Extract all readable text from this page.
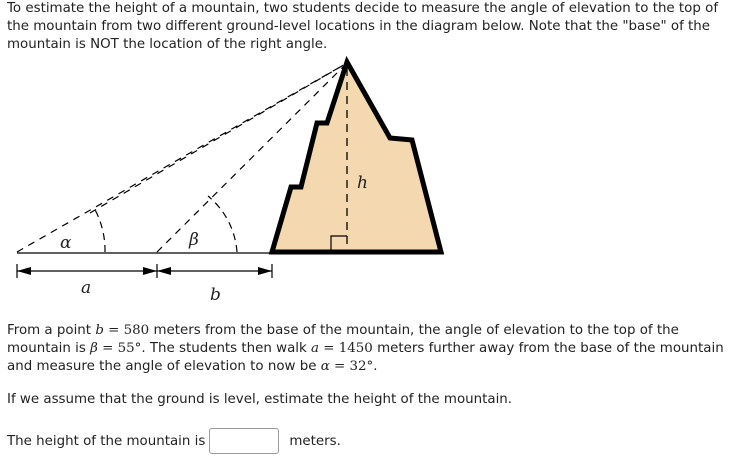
To estimate the height of a mountain, two students decide to measure the angle of elevation to the top of the mountain from two different ground-level locations in the diagram below. Note that the "base" of the mountain is NOT the location of the right angle.

α	β
h
a	b

From a point b = 580 meters from the base of the mountain, the angle of elevation to the top of the mountain is β = 55°. The students then walk a = 1450 meters further away from the base of the mountain and measure the angle of elevation to now be α = 32°.

If we assume that the ground is level, estimate the height of the mountain.

The height of the mountain is	meters.
